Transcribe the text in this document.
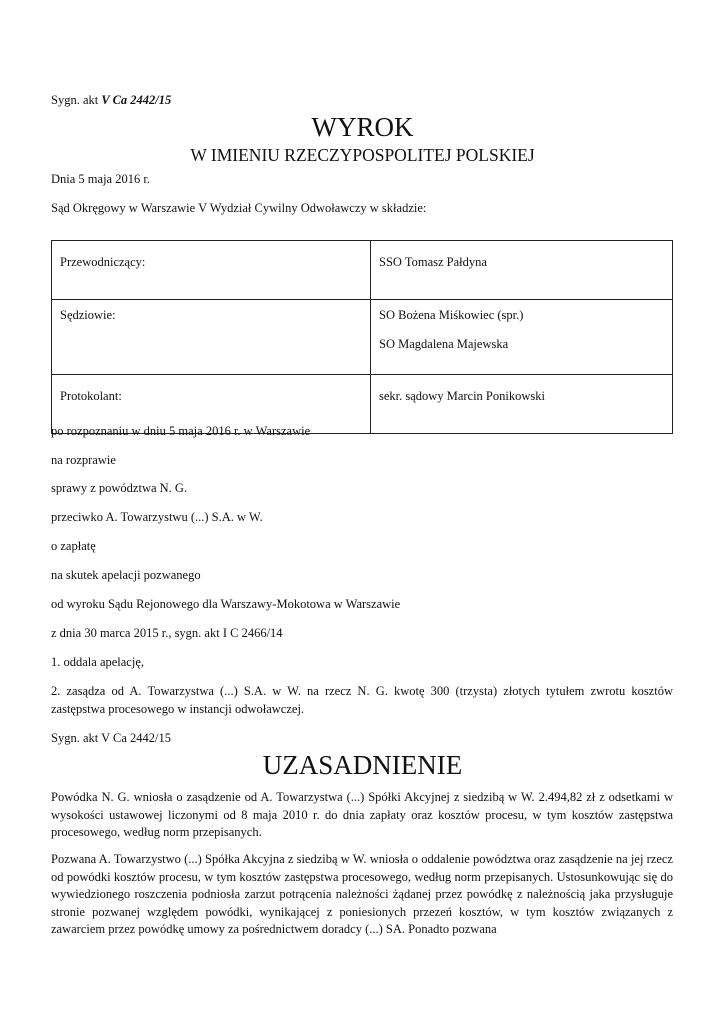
Sygn. akt V Ca 2442/15
WYROK
W IMIENIU RZECZYPOSPOLITEJ POLSKIEJ
Dnia 5 maja 2016 r.
Sąd Okręgowy w Warszawie V Wydział Cywilny Odwoławczy w składzie:
Przewodniczący:	SSO Tomasz Pałdyna
Sędziowie:	SO Bożena Miśkowiec (spr.)
SO Magdalena Majewska

Protokolant:	sekr. sądowy Marcin Ponikowski
po rozpoznaniu w dniu 5 maja 2016 r. w Warszawie
na rozprawie
sprawy z powództwa N. G.
przeciwko A. Towarzystwu (...) S.A. w W.
o zapłatę
na skutek apelacji pozwanego
od wyroku Sądu Rejonowego dla Warszawy-Mokotowa w Warszawie
z dnia 30 marca 2015 r., sygn. akt I C 2466/14
1. oddala apelację,
2. zasądza od A. Towarzystwa (...) S.A. w W. na rzecz N. G. kwotę 300 (trzysta) złotych tytułem zwrotu kosztów zastępstwa procesowego w instancji odwoławczej.
Sygn. akt V Ca 2442/15
UZASADNIENIE
Powódka N. G. wniosła o zasądzenie od A. Towarzystwa (...) Spółki Akcyjnej z siedzibą w W. 2.494,82 zł z odsetkami w wysokości ustawowej liczonymi od 8 maja 2010 r. do dnia zapłaty oraz kosztów procesu, w tym kosztów zastępstwa procesowego, według norm przepisanych.
Pozwana A. Towarzystwo (...) Spółka Akcyjna z siedzibą w W. wniosła o oddalenie powództwa oraz zasądzenie na jej rzecz od powódki kosztów procesu, w tym kosztów zastępstwa procesowego, według norm przepisanych. Ustosunkowując się do wywiedzionego roszczenia podniosła zarzut potrącenia należności żądanej przez powódkę z należnością jaka przysługuje stronie pozwanej względem powódki, wynikającej z poniesionych przezeń kosztów, w tym kosztów związanych z zawarciem przez powódkę umowy za pośrednictwem doradcy (...) SA. Ponadto pozwana
